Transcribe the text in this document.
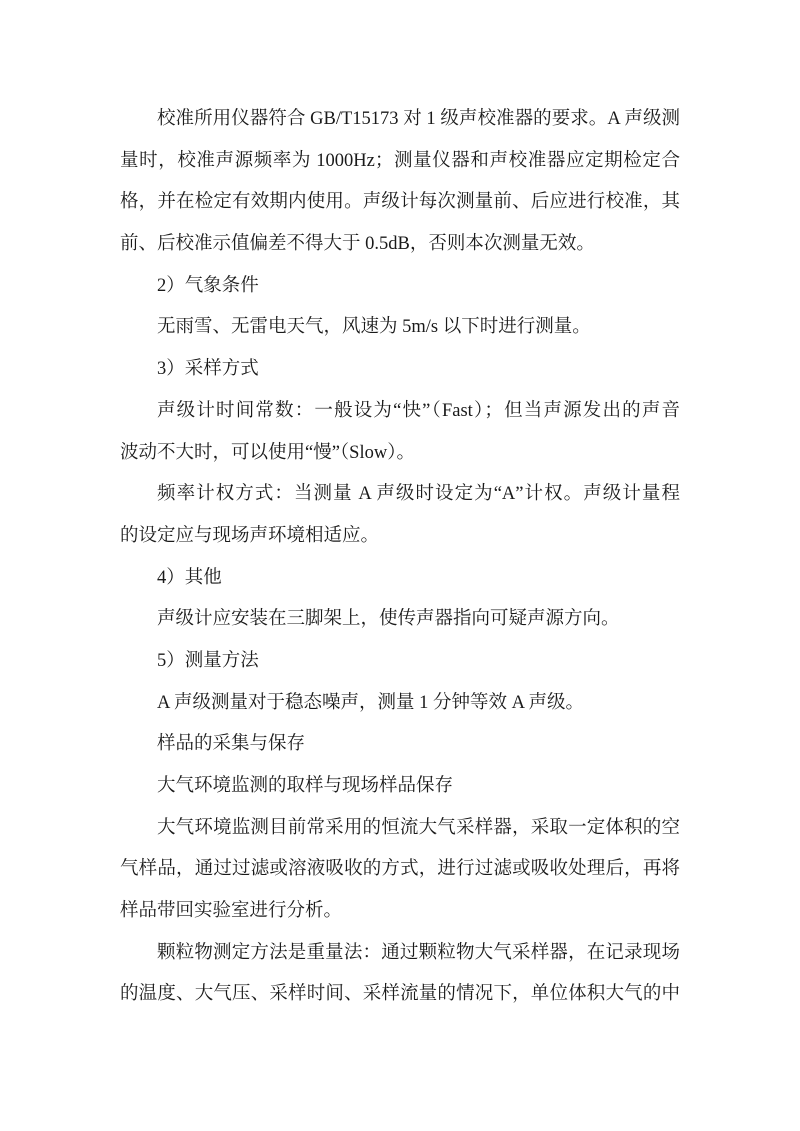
校准所用仪器符合 GB/T15173 对 1 级声校准器的要求。A 声级测
量时，校准声源频率为 1000Hz；测量仪器和声校准器应定期检定合
格，并在检定有效期内使用。声级计每次测量前、后应进行校准，其
前、后校准示值偏差不得大于 0.5dB，否则本次测量无效。
2）气象条件
无雨雪、无雷电天气，风速为 5m/s 以下时进行测量。
3）采样方式
声级计时间常数：一般设为“快”（Fast）；但当声源发出的声音
波动不大时，可以使用“慢”（Slow）。
频率计权方式：当测量 A 声级时设定为“A”计权。声级计量程
的设定应与现场声环境相适应。
4）其他
声级计应安装在三脚架上，使传声器指向可疑声源方向。
5）测量方法
A 声级测量对于稳态噪声，测量 1 分钟等效 A 声级。
样品的采集与保存
大气环境监测的取样与现场样品保存
大气环境监测目前常采用的恒流大气采样器，采取一定体积的空
气样品，通过过滤或溶液吸收的方式，进行过滤或吸收处理后，再将
样品带回实验室进行分析。
颗粒物测定方法是重量法：通过颗粒物大气采样器，在记录现场
的温度、大气压、采样时间、采样流量的情况下，单位体积大气的中
